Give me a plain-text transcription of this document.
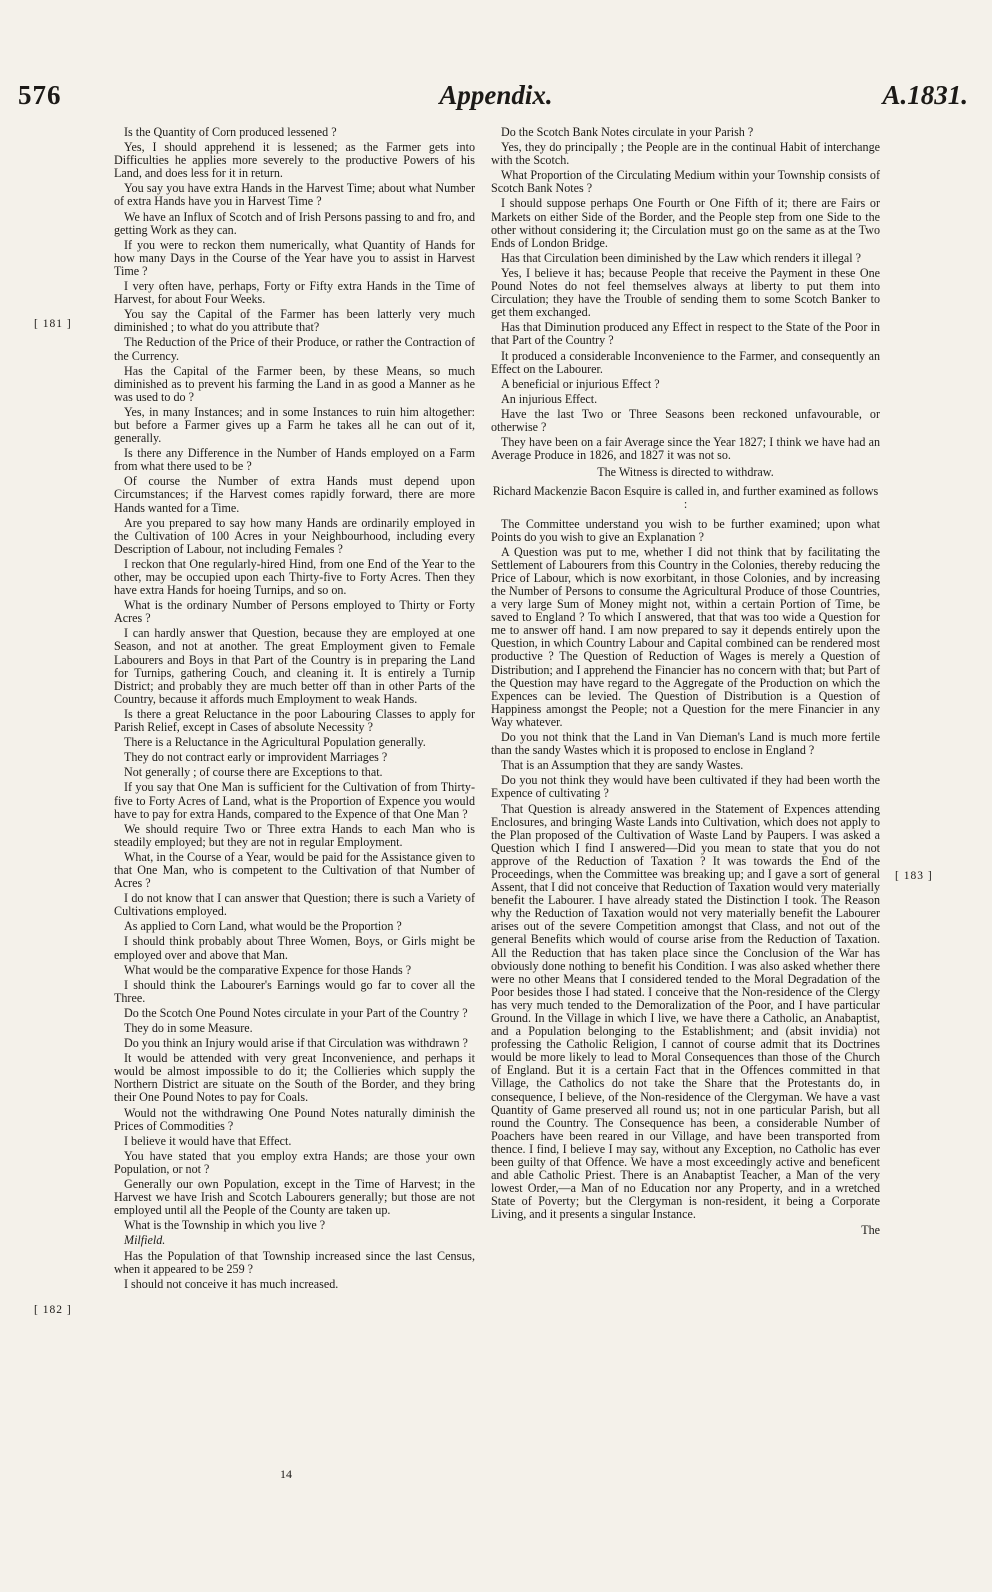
576	Appendix.	A.1831.
[ 181 ]
[ 182 ]
[ 183 ]

Is the Quantity of Corn produced lessened ?

Yes, I should apprehend it is lessened; as the Farmer gets into Difficulties he applies more severely to the productive Powers of his Land, and does less for it in return.

You say you have extra Hands in the Harvest Time; about what Number of extra Hands have you in Harvest Time ?

We have an Influx of Scotch and of Irish Persons passing to and fro, and getting Work as they can.

If you were to reckon them numerically, what Quantity of Hands for how many Days in the Course of the Year have you to assist in Harvest Time ?

I very often have, perhaps, Forty or Fifty extra Hands in the Time of Harvest, for about Four Weeks.

You say the Capital of the Farmer has been latterly very much diminished ; to what do you attribute that?

The Reduction of the Price of their Produce, or rather the Contraction of the Currency.

Has the Capital of the Farmer been, by these Means, so much diminished as to prevent his farming the Land in as good a Manner as he was used to do ?

Yes, in many Instances; and in some Instances to ruin him altogether: but before a Farmer gives up a Farm he takes all he can out of it, generally.

Is there any Difference in the Number of Hands employed on a Farm from what there used to be ?

Of course the Number of extra Hands must depend upon Circumstances; if the Harvest comes rapidly forward, there are more Hands wanted for a Time.

Are you prepared to say how many Hands are ordinarily employed in the Cultivation of 100 Acres in your Neighbourhood, including every Description of Labour, not including Females ?

I reckon that One regularly-hired Hind, from one End of the Year to the other, may be occupied upon each Thirty-five to Forty Acres. Then they have extra Hands for hoeing Turnips, and so on.

What is the ordinary Number of Persons employed to Thirty or Forty Acres ?

I can hardly answer that Question, because they are employed at one Season, and not at another. The great Employment given to Female Labourers and Boys in that Part of the Country is in preparing the Land for Turnips, gathering Couch, and cleaning it. It is entirely a Turnip District; and probably they are much better off than in other Parts of the Country, because it affords much Employment to weak Hands.

Is there a great Reluctance in the poor Labouring Classes to apply for Parish Relief, except in Cases of absolute Necessity ?

There is a Reluctance in the Agricultural Population generally.

They do not contract early or improvident Marriages ?

Not generally ; of course there are Exceptions to that.

If you say that One Man is sufficient for the Cultivation of from Thirty-five to Forty Acres of Land, what is the Proportion of Expence you would have to pay for extra Hands, compared to the Expence of that One Man ?

We should require Two or Three extra Hands to each Man who is steadily employed; but they are not in regular Employment.

What, in the Course of a Year, would be paid for the Assistance given to that One Man, who is competent to the Cultivation of that Number of Acres ?

I do not know that I can answer that Question; there is such a Variety of Cultivations employed.

As applied to Corn Land, what would be the Proportion ?

I should think probably about Three Women, Boys, or Girls might be employed over and above that Man.

What would be the comparative Expence for those Hands ?

I should think the Labourer's Earnings would go far to cover all the Three.

Do the Scotch One Pound Notes circulate in your Part of the Country ?

They do in some Measure.

Do you think an Injury would arise if that Circulation was withdrawn ?

It would be attended with very great Inconvenience, and perhaps it would be almost impossible to do it; the Collieries which supply the Northern District are situate on the South of the Border, and they bring their One Pound Notes to pay for Coals.

Would not the withdrawing One Pound Notes naturally diminish the Prices of Commodities ?

I believe it would have that Effect.

You have stated that you employ extra Hands; are those your own Population, or not ?

Generally our own Population, except in the Time of Harvest; in the Harvest we have Irish and Scotch Labourers generally; but those are not employed until all the People of the County are taken up.

What is the Township in which you live ?

Milfield.

Has the Population of that Township increased since the last Census, when it appeared to be 259 ?

I should not conceive it has much increased.

Do the Scotch Bank Notes circulate in your Parish ?

Yes, they do principally ; the People are in the continual Habit of interchange with the Scotch.

What Proportion of the Circulating Medium within your Township consists of Scotch Bank Notes ?

I should suppose perhaps One Fourth or One Fifth of it; there are Fairs or Markets on either Side of the Border, and the People step from one Side to the other without considering it; the Circulation must go on the same as at the Two Ends of London Bridge.

Has that Circulation been diminished by the Law which renders it illegal ?

Yes, I believe it has; because People that receive the Payment in these One Pound Notes do not feel themselves always at liberty to put them into Circulation; they have the Trouble of sending them to some Scotch Banker to get them exchanged.

Has that Diminution produced any Effect in respect to the State of the Poor in that Part of the Country ?

It produced a considerable Inconvenience to the Farmer, and consequently an Effect on the Labourer.

A beneficial or injurious Effect ?

An injurious Effect.

Have the last Two or Three Seasons been reckoned unfavourable, or otherwise ?

They have been on a fair Average since the Year 1827; I think we have had an Average Produce in 1826, and 1827 it was not so.

The Witness is directed to withdraw.

Richard Mackenzie Bacon Esquire is called in, and further examined as follows :

The Committee understand you wish to be further examined; upon what Points do you wish to give an Explanation ?

A Question was put to me, whether I did not think that by facilitating the Settlement of Labourers from this Country in the Colonies, thereby reducing the Price of Labour, which is now exorbitant, in those Colonies, and by increasing the Number of Persons to consume the Agricultural Produce of those Countries, a very large Sum of Money might not, within a certain Portion of Time, be saved to England ? To which I answered, that that was too wide a Question for me to answer off hand. I am now prepared to say it depends entirely upon the Question, in which Country Labour and Capital combined can be rendered most productive ? The Question of Reduction of Wages is merely a Question of Distribution; and I apprehend the Financier has no concern with that; but Part of the Question may have regard to the Aggregate of the Production on which the Expences can be levied. The Question of Distribution is a Question of Happiness amongst the People; not a Question for the mere Financier in any Way whatever.

Do you not think that the Land in Van Dieman's Land is much more fertile than the sandy Wastes which it is proposed to enclose in England ?

That is an Assumption that they are sandy Wastes.

Do you not think they would have been cultivated if they had been worth the Expence of cultivating ?

That Question is already answered in the Statement of Expences attending Enclosures, and bringing Waste Lands into Cultivation, which does not apply to the Plan proposed of the Cultivation of Waste Land by Paupers. I was asked a Question which I find I answered—Did you mean to state that you do not approve of the Reduction of Taxation ? It was towards the End of the Proceedings, when the Committee was breaking up; and I gave a sort of general Assent, that I did not conceive that Reduction of Taxation would very materially benefit the Labourer. I have already stated the Distinction I took. The Reason why the Reduction of Taxation would not very materially benefit the Labourer arises out of the severe Competition amongst that Class, and not out of the general Benefits which would of course arise from the Reduction of Taxation. All the Reduction that has taken place since the Conclusion of the War has obviously done nothing to benefit his Condition. I was also asked whether there were no other Means that I considered tended to the Moral Degradation of the Poor besides those I had stated. I conceive that the Non-residence of the Clergy has very much tended to the Demoralization of the Poor, and I have particular Ground. In the Village in which I live, we have there a Catholic, an Anabaptist, and a Population belonging to the Establishment; and (absit invidia) not professing the Catholic Religion, I cannot of course admit that its Doctrines would be more likely to lead to Moral Consequences than those of the Church of England. But it is a certain Fact that in the Offences committed in that Village, the Catholics do not take the Share that the Protestants do, in consequence, I believe, of the Non-residence of the Clergyman. We have a vast Quantity of Game preserved all round us; not in one particular Parish, but all round the Country. The Consequence has been, a considerable Number of Poachers have been reared in our Village, and have been transported from thence. I find, I believe I may say, without any Exception, no Catholic has ever been guilty of that Offence. We have a most exceedingly active and beneficent and able Catholic Priest. There is an Anabaptist Teacher, a Man of the very lowest Order,—a Man of no Education nor any Property, and in a wretched State of Poverty; but the Clergyman is non-resident, it being a Corporate Living, and it presents a singular Instance.

The

14
